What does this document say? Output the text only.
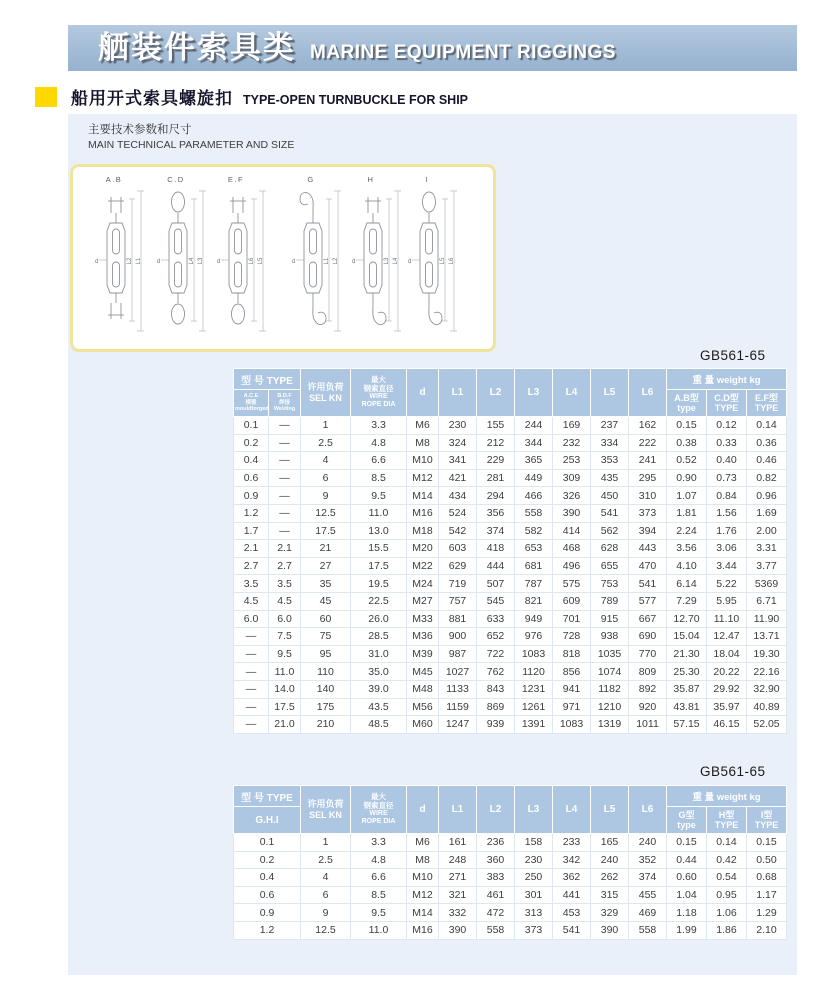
舾装件索具类 MARINE EQUIPMENT RIGGINGS
船用开式索具螺旋扣 TYPE-OPEN TURNBUCKLE FOR SHIP
主要技术参数和尺寸
MAIN TECHNICAL PARAMETER AND SIZE
A.B
L1
L2
d
C.D
L3
L4
d
E.F
L5
L6
d
G
L2
L1
d
H
L4
L3
d
I
L6
L5
d
GB561-65
GB561-65
型 号 TYPE	
许用负荷
SEL KN

最大
钢索直径
WIRE
ROPE DIA
	d	L1	L2	L3	L4	L5	L6	重 量 weight kg

A.C.E
模锻
mouldforged

B.D.F
焊接
Welding

A.B型
type

C.D型
TYPE

E.F型
TYPE

0.1	—	1	3.3	M6	230	155	244	169	237	162	0.15	0.12	0.14
0.2	—	2.5	4.8	M8	324	212	344	232	334	222	0.38	0.33	0.36
0.4	—	4	6.6	M10	341	229	365	253	353	241	0.52	0.40	0.46
0.6	—	6	8.5	M12	421	281	449	309	435	295	0.90	0.73	0.82
0.9	—	9	9.5	M14	434	294	466	326	450	310	1.07	0.84	0.96
1.2	—	12.5	11.0	M16	524	356	558	390	541	373	1.81	1.56	1.69
1.7	—	17.5	13.0	M18	542	374	582	414	562	394	2.24	1.76	2.00
2.1	2.1	21	15.5	M20	603	418	653	468	628	443	3.56	3.06	3.31
2.7	2.7	27	17.5	M22	629	444	681	496	655	470	4.10	3.44	3.77
3.5	3.5	35	19.5	M24	719	507	787	575	753	541	6.14	5.22	5369
4.5	4.5	45	22.5	M27	757	545	821	609	789	577	7.29	5.95	6.71
6.0	6.0	60	26.0	M33	881	633	949	701	915	667	12.70	11.10	11.90
—	7.5	75	28.5	M36	900	652	976	728	938	690	15.04	12.47	13.71
—	9.5	95	31.0	M39	987	722	1083	818	1035	770	21.30	18.04	19.30
—	11.0	110	35.0	M45	1027	762	1120	856	1074	809	25.30	20.22	22.16
—	14.0	140	39.0	M48	1133	843	1231	941	1182	892	35.87	29.92	32.90
—	17.5	175	43.5	M56	1159	869	1261	971	1210	920	43.81	35.97	40.89
—	21.0	210	48.5	M60	1247	939	1391	1083	1319	1011	57.15	46.15	52.05
型 号 TYPE	
许用负荷
SEL KN

最大
钢索直径
WIRE
ROPE DIA
	d	L1	L2	L3	L4	L5	L6	重 量 weight kg
G.H.I	G型
type

H型
TYPE

I型
TYPE

0.1	1	3.3	M6	161	236	158	233	165	240	0.15	0.14	0.15
0.2	2.5	4.8	M8	248	360	230	342	240	352	0.44	0.42	0.50
0.4	4	6.6	M10	271	383	250	362	262	374	0.60	0.54	0.68
0.6	6	8.5	M12	321	461	301	441	315	455	1.04	0.95	1.17
0.9	9	9.5	M14	332	472	313	453	329	469	1.18	1.06	1.29
1.2	12.5	11.0	M16	390	558	373	541	390	558	1.99	1.86	2.10
